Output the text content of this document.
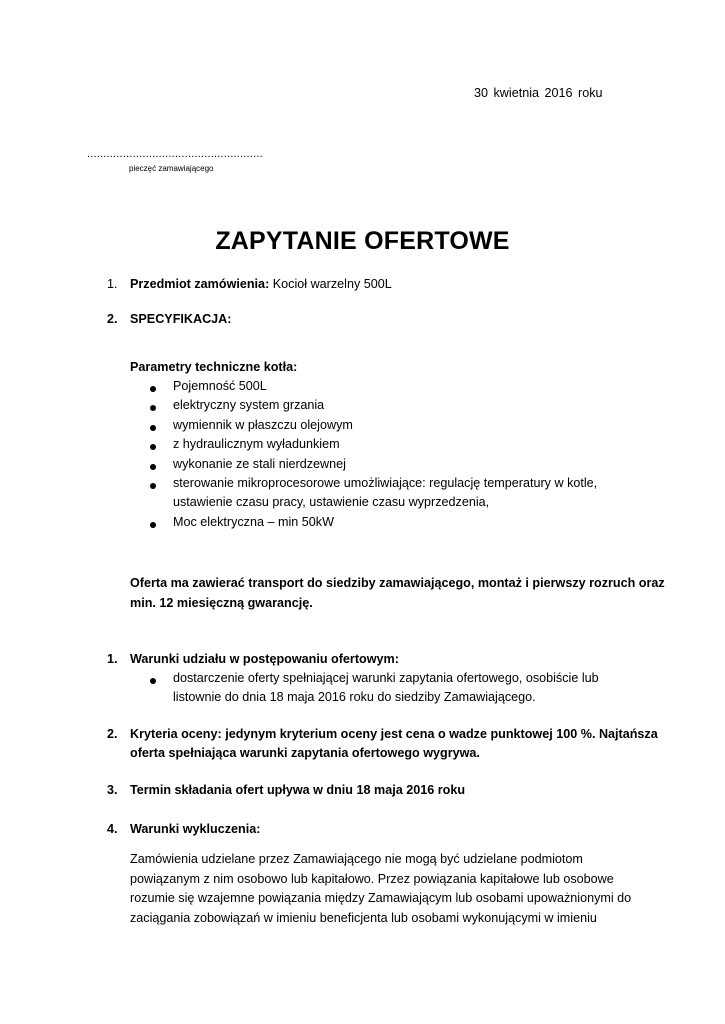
30 kwietnia 2016 roku
......................................................
pieczęć zamawiającego
ZAPYTANIE OFERTOWE
1. Przedmiot zamówienia: Kocioł warzelny 500L
2. SPECYFIKACJA:
Parametry techniczne kotła:
Pojemność 500L
elektryczny system grzania
wymiennik w płaszczu olejowym
z hydraulicznym wyładunkiem
wykonanie ze stali nierdzewnej
sterowanie mikroprocesorowe umożliwiające: regulację temperatury w kotle,
ustawienie czasu pracy, ustawienie czasu wyprzedzenia,
Moc elektryczna – min 50kW
Oferta ma zawierać transport do siedziby zamawiającego, montaż i pierwszy rozruch oraz
min. 12 miesięczną gwarancję.
1. Warunki udziału w postępowaniu ofertowym:
dostarczenie oferty spełniającej warunki zapytania ofertowego, osobiście lub
listownie do dnia 18 maja 2016 roku do siedziby Zamawiającego.
2. Kryteria oceny: jedynym kryterium oceny jest cena o wadze punktowej 100 %. Najtańsza
oferta spełniająca warunki zapytania ofertowego wygrywa.
3. Termin składania ofert upływa w dniu 18 maja 2016 roku
4. Warunki wykluczenia:
Zamówienia udzielane przez Zamawiającego nie mogą być udzielane podmiotom
powiązanym z nim osobowo lub kapitałowo. Przez powiązania kapitałowe lub osobowe
rozumie się wzajemne powiązania między Zamawiającym lub osobami upoważnionymi do
zaciągania zobowiązań w imieniu beneficjenta lub osobami wykonującymi w imieniu
